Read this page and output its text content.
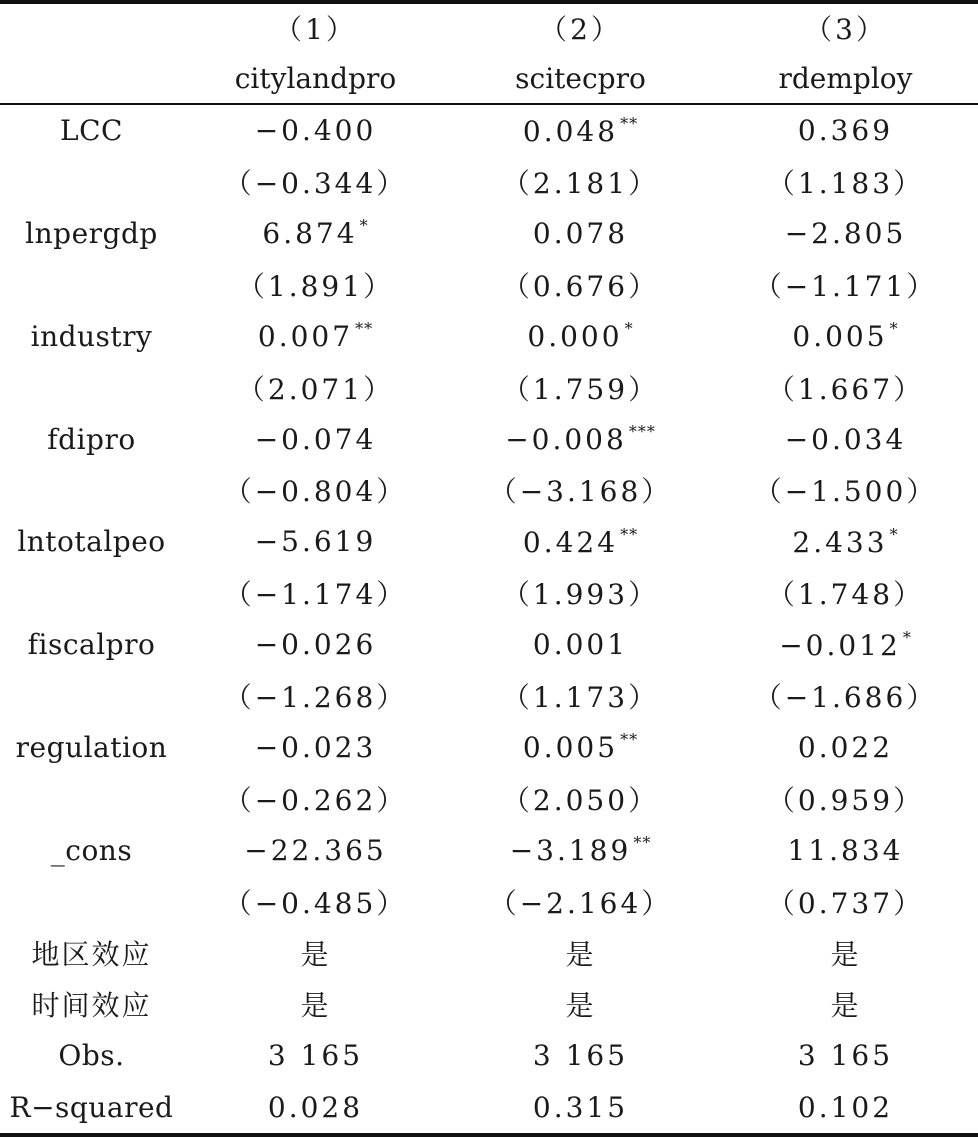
	（1）	（2）	（3）
	citylandpro	scitecpro	rdemploy
LCC	−0.400	0.048 **	0.369
	（−0.344）	（2.181）	（1.183）
lnpergdp	6.874 *	0.078	−2.805
	（1.891）	（0.676）	（−1.171）
industry	0.007 **	0.000 *	0.005 *
	（2.071）	（1.759）	（1.667）
fdipro	−0.074	−0.008 ***	−0.034
	（−0.804）	（−3.168）	（−1.500）
lntotalpeo	−5.619	0.424 **	2.433 *
	（−1.174）	（1.993）	（1.748）
fiscalpro	−0.026	0.001	−0.012 *
	（−1.268）	（1.173）	（−1.686）
regulation	−0.023	0.005 **	0.022
	（−0.262）	（2.050）	（0.959）
_cons	−22.365	−3.189 **	11.834
	（−0.485）	（−2.164）	（0.737）
地区效应	是	是	是
时间效应	是	是	是
Obs.	3 165	3 165	3 165
R−squared	0.028	0.315	0.102
